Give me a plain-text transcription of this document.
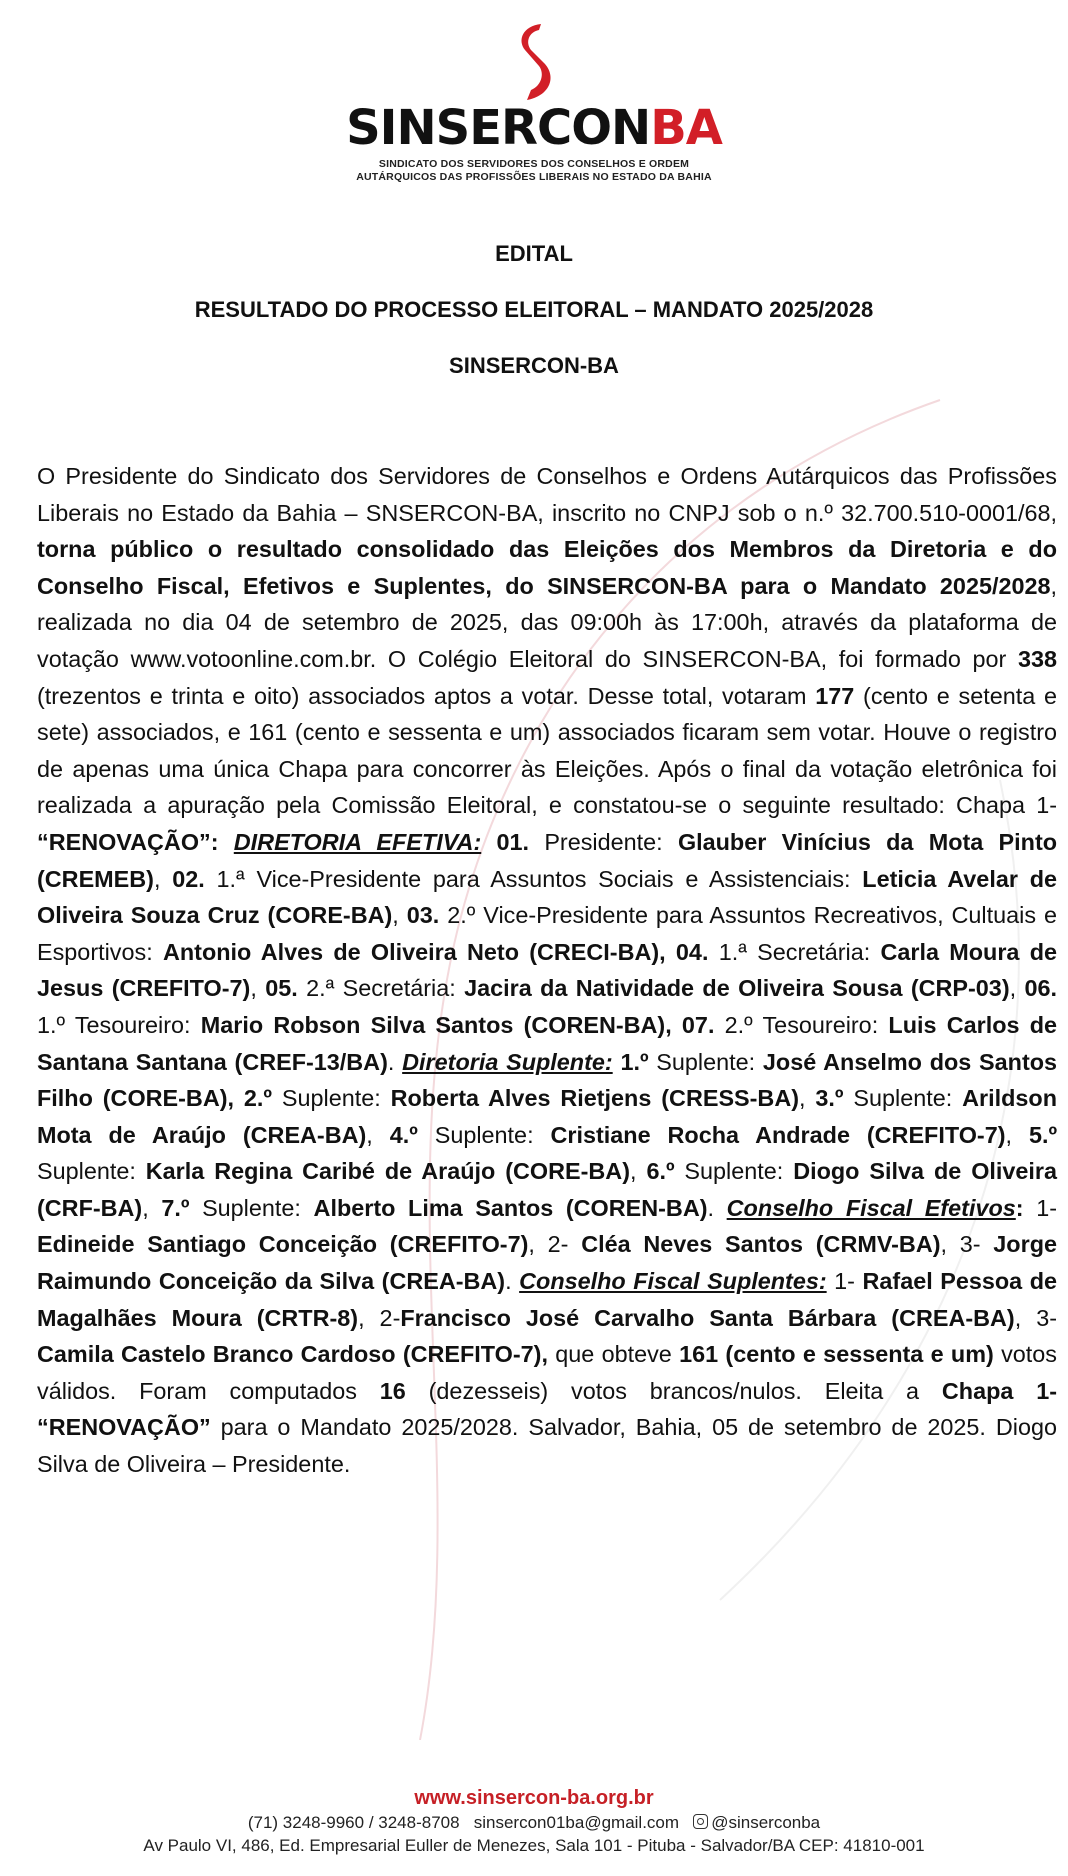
SINSERCONBA
SINDICATO DOS SERVIDORES DOS CONSELHOS E ORDEM
AUTÁRQUICOS DAS PROFISSÕES LIBERAIS NO ESTADO DA BAHIA
EDITAL
RESULTADO DO PROCESSO ELEITORAL – MANDATO 2025/2028
SINSERCON-BA
O Presidente do Sindicato dos Servidores de Conselhos e Ordens Autárquicos das Profissões Liberais no Estado da Bahia – SNSERCON-BA, inscrito no CNPJ sob o n.º 32.700.510-0001/68, torna público o resultado consolidado das Eleições dos Membros da Diretoria e do Conselho Fiscal, Efetivos e Suplentes, do SINSERCON-BA para o Mandato 2025/2028, realizada no dia 04 de setembro de 2025, das 09:00h às 17:00h, através da plataforma de votação www.votoonline.com.br. O Colégio Eleitoral do SINSERCON-BA, foi formado por 338 (trezentos e trinta e oito) associados aptos a votar. Desse total, votaram 177 (cento e setenta e sete) associados, e 161 (cento e sessenta e um) associados ficaram sem votar. Houve o registro de apenas uma única Chapa para concorrer às Eleições. Após o final da votação eletrônica foi realizada a apuração pela Comissão Eleitoral, e constatou-se o seguinte resultado: Chapa 1- “RENOVAÇÃO”: DIRETORIA EFETIVA: 01. Presidente: Glauber Vinícius da Mota Pinto (CREMEB), 02. 1.ª Vice-Presidente para Assuntos Sociais e Assistenciais: Leticia Avelar de Oliveira Souza Cruz (CORE-BA), 03. 2.º Vice-Presidente para Assuntos Recreativos, Cultuais e Esportivos: Antonio Alves de Oliveira Neto (CRECI-BA), 04. 1.ª Secretária: Carla Moura de Jesus (CREFITO-7), 05. 2.ª Secretária: Jacira da Natividade de Oliveira Sousa (CRP-03), 06. 1.º Tesoureiro: Mario Robson Silva Santos (COREN-BA), 07. 2.º Tesoureiro: Luis Carlos de Santana Santana (CREF-13/BA). Diretoria Suplente: 1.º Suplente: José Anselmo dos Santos Filho (CORE-BA), 2.º Suplente: Roberta Alves Rietjens (CRESS-BA), 3.º Suplente: Arildson Mota de Araújo (CREA-BA), 4.º Suplente: Cristiane Rocha Andrade (CREFITO-7), 5.º Suplente: Karla Regina Caribé de Araújo (CORE-BA), 6.º Suplente: Diogo Silva de Oliveira (CRF-BA), 7.º Suplente: Alberto Lima Santos (COREN-BA). Conselho Fiscal Efetivos: 1- Edineide Santiago Conceição (CREFITO-7), 2- Cléa Neves Santos (CRMV-BA), 3- Jorge Raimundo Conceição da Silva (CREA-BA). Conselho Fiscal Suplentes: 1- Rafael Pessoa de Magalhães Moura (CRTR-8), 2-Francisco José Carvalho Santa Bárbara (CREA-BA), 3- Camila Castelo Branco Cardoso (CREFITO-7), que obteve 161 (cento e sessenta e um) votos válidos. Foram computados 16 (dezesseis) votos brancos/nulos. Eleita a Chapa 1- “RENOVAÇÃO” para o Mandato 2025/2028. Salvador, Bahia, 05 de setembro de 2025. Diogo Silva de Oliveira – Presidente.
www.sinsercon-ba.org.br
(71) 3248-9960 / 3248-8708 sinsercon01ba@gmail.com @sinserconba
Av Paulo VI, 486, Ed. Empresarial Euller de Menezes, Sala 101 - Pituba - Salvador/BA CEP: 41810-001
